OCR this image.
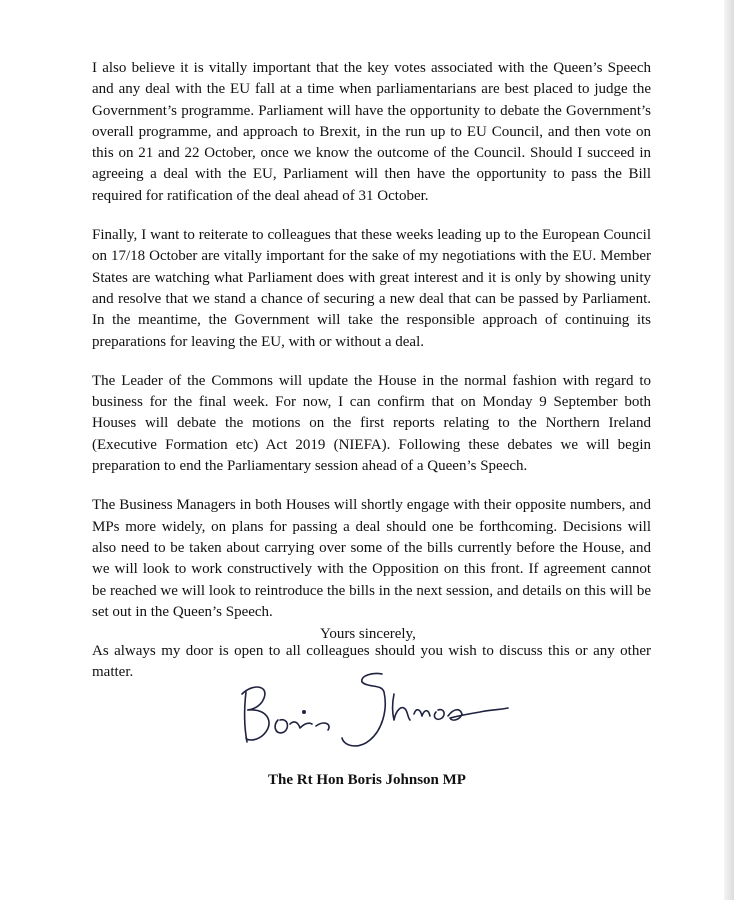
I also believe it is vitally important that the key votes associated with the Queen’s Speech and any deal with the EU fall at a time when parliamentarians are best placed to judge the Government’s programme. Parliament will have the opportunity to debate the Government’s overall programme, and approach to Brexit, in the run up to EU Council, and then vote on this on 21 and 22 October, once we know the outcome of the Council. Should I succeed in agreeing a deal with the EU, Parliament will then have the opportunity to pass the Bill required for ratification of the deal ahead of 31 October.

Finally, I want to reiterate to colleagues that these weeks leading up to the European Council on 17/18 October are vitally important for the sake of my negotiations with the EU. Member States are watching what Parliament does with great interest and it is only by showing unity and resolve that we stand a chance of securing a new deal that can be passed by Parliament. In the meantime, the Government will take the responsible approach of continuing its preparations for leaving the EU, with or without a deal.

The Leader of the Commons will update the House in the normal fashion with regard to business for the final week. For now, I can confirm that on Monday 9 September both Houses will debate the motions on the first reports relating to the Northern Ireland (Executive Formation etc) Act 2019 (NIEFA). Following these debates we will begin preparation to end the Parliamentary session ahead of a Queen’s Speech.

The Business Managers in both Houses will shortly engage with their opposite numbers, and MPs more widely, on plans for passing a deal should one be forthcoming. Decisions will also need to be taken about carrying over some of the bills currently before the House, and we will look to work constructively with the Opposition on this front. If agreement cannot be reached we will look to reintroduce the bills in the next session, and details on this will be set out in the Queen’s Speech.

As always my door is open to all colleagues should you wish to discuss this or any other matter.

Yours sincerely,
The Rt Hon Boris Johnson MP
